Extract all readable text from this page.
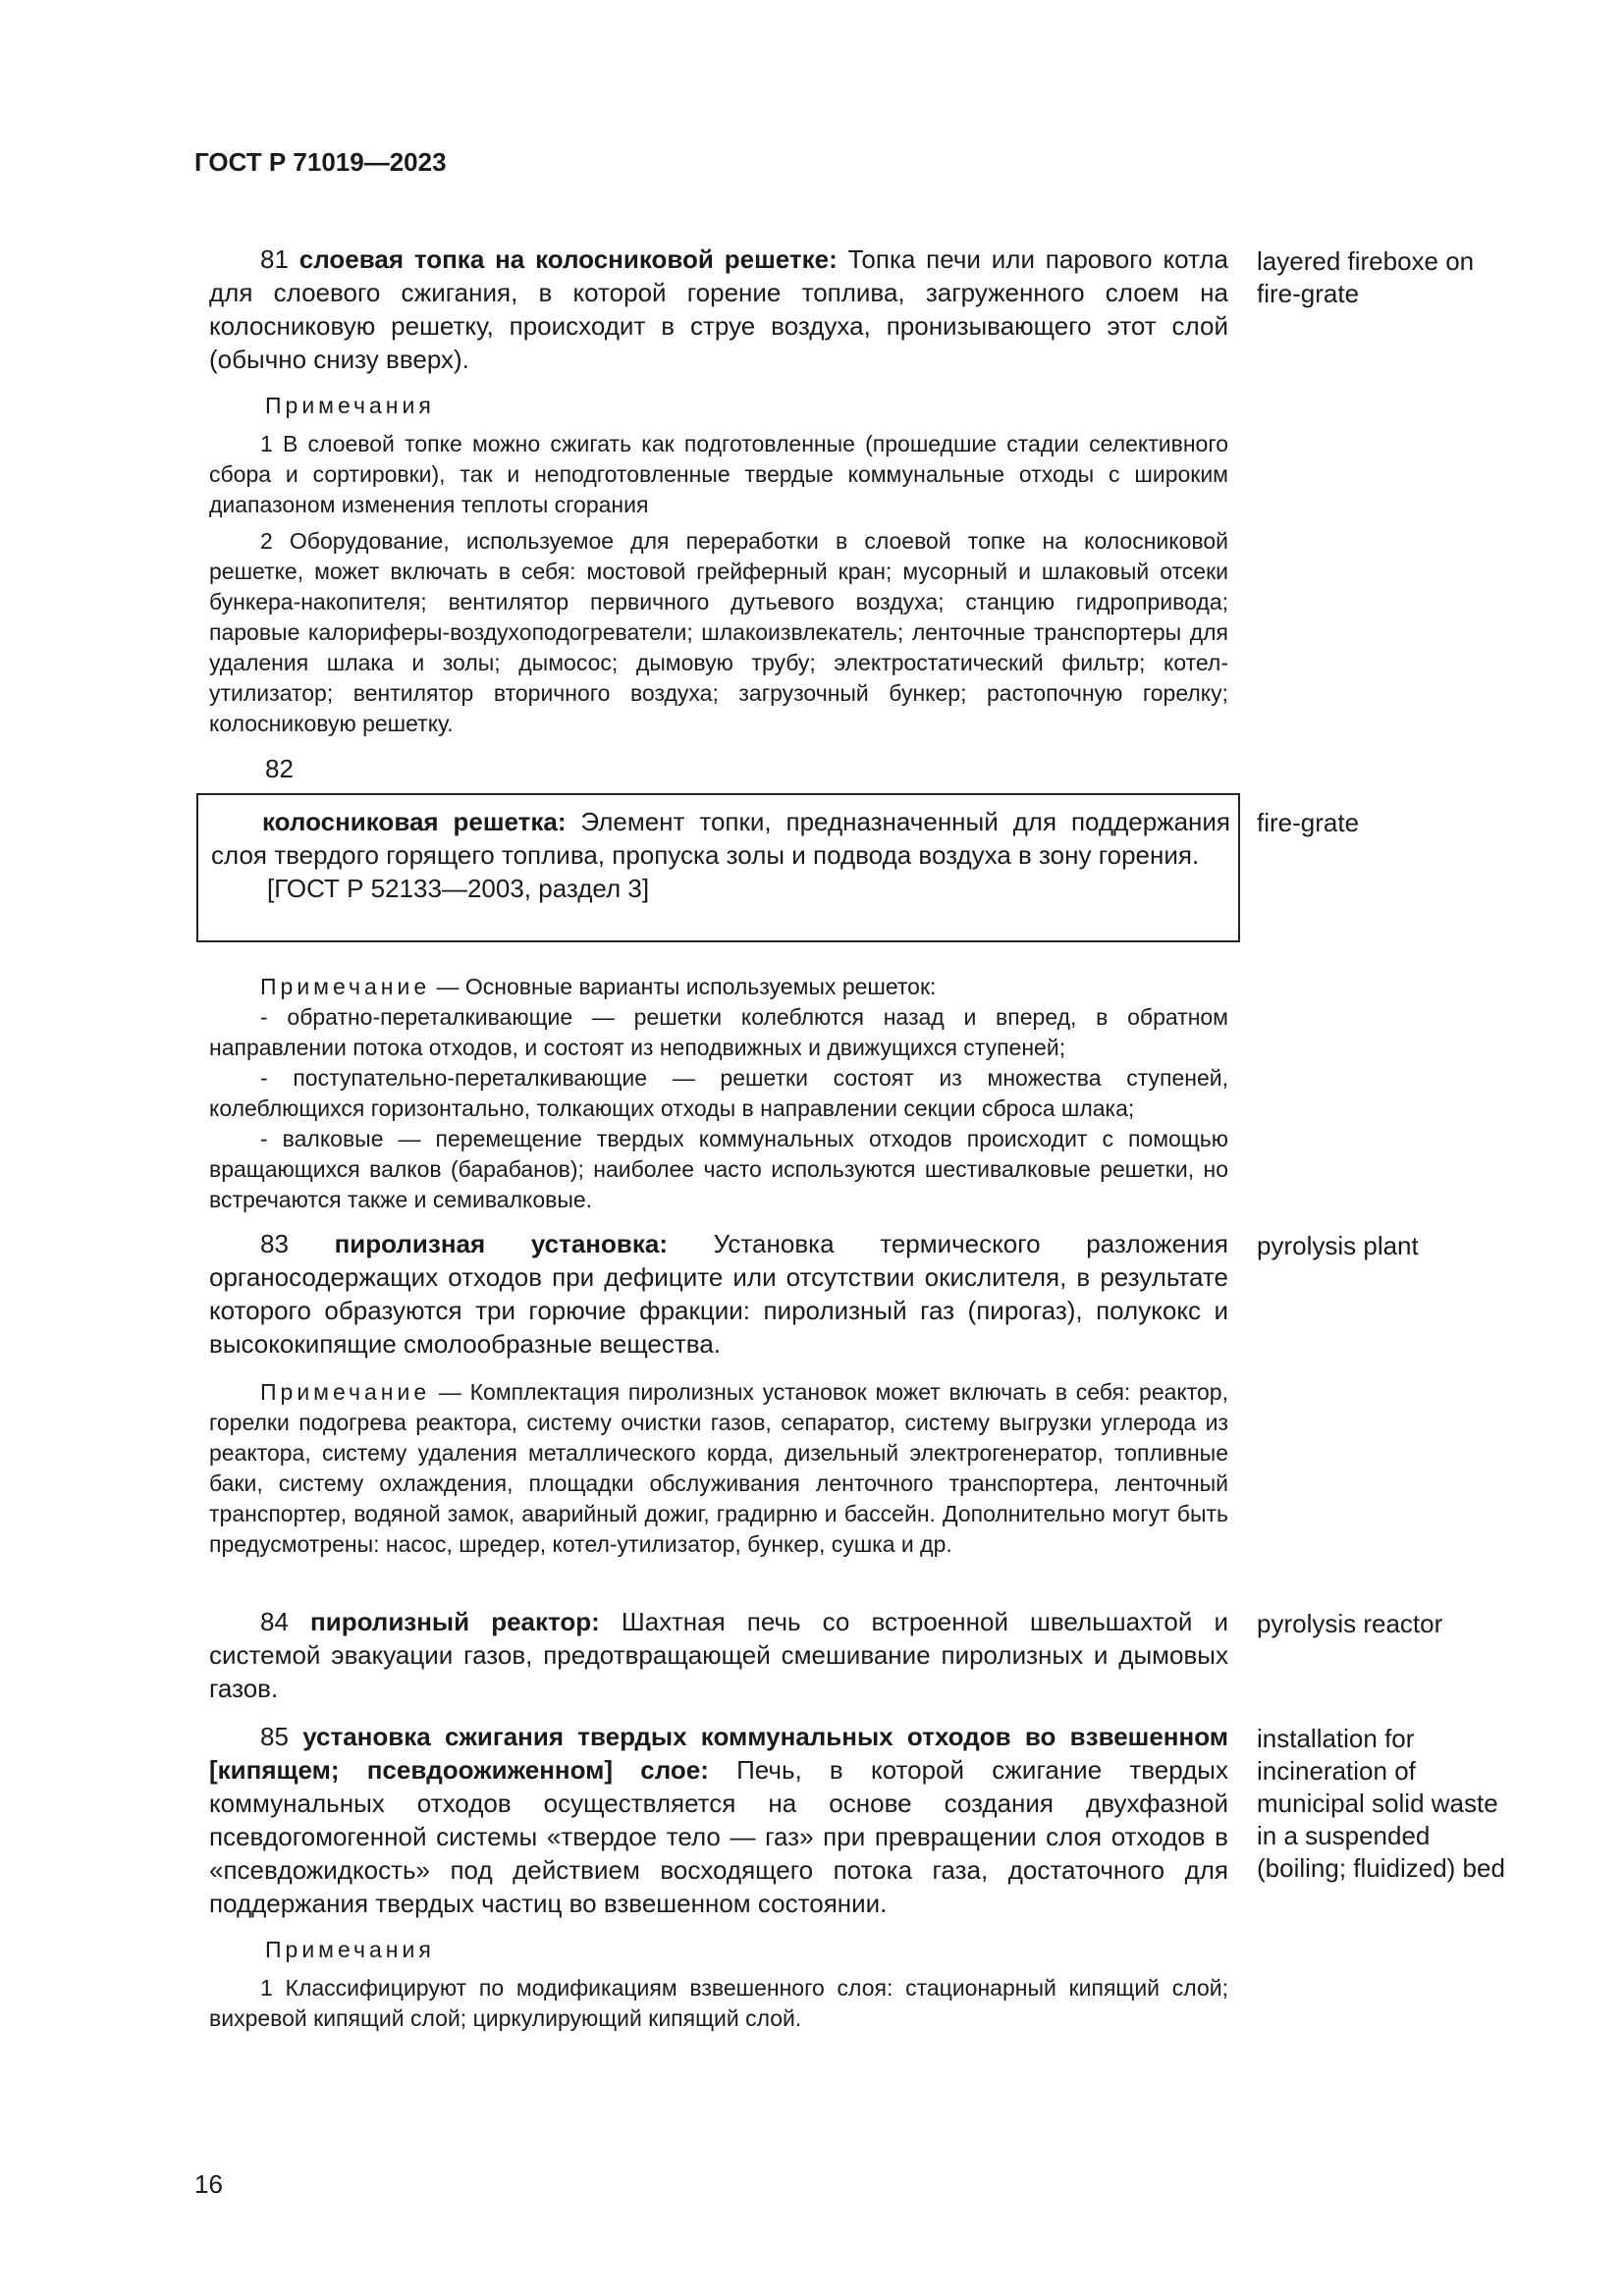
ГОСТ Р 71019—2023

81 слоевая топка на колосниковой решетке: Топка печи или парового котла для слоевого сжигания, в которой горение топлива, загруженного слоем на колосниковую решетку, происходит в струе воздуха, пронизывающего этот слой (обычно снизу вверх).

layered fireboxe on fire-grate
Примечания

1 В слоевой топке можно сжигать как подготовленные (прошедшие стадии селективного сбора и сортировки), так и неподготовленные твердые коммунальные отходы с широким диапазоном изменения теплоты сгорания

2 Оборудование, используемое для переработки в слоевой топке на колосниковой решетке, может включать в себя: мостовой грейферный кран; мусорный и шлаковый отсеки бункера-накопителя; вентилятор первичного дутьевого воздуха; станцию гидропривода; паровые калориферы-воздухоподогреватели; шлакоизвлекатель; ленточные транспортеры для удаления шлака и золы; дымосос; дымовую трубу; электростатический фильтр; котел-утилизатор; вентилятор вторичного воздуха; загрузочный бункер; растопочную горелку; колосниковую решетку.

82

колосниковая решетка: Элемент топки, предназначенный для поддержания слоя твердого горящего топлива, пропуска золы и подвода воздуха в зону горения.

[ГОСТ Р 52133—2003, раздел 3]

fire-grate

Примечание — Основные варианты используемых решеток:

- обратно-переталкивающие — решетки колеблются назад и вперед, в обратном направлении потока отходов, и состоят из неподвижных и движущихся ступеней;

- поступательно-переталкивающие — решетки состоят из множества ступеней, колеблющихся горизонтально, толкающих отходы в направлении секции сброса шлака;

- валковые — перемещение твердых коммунальных отходов происходит с помощью вращающихся валков (барабанов); наиболее часто используются шестивалковые решетки, но встречаются также и семивалковые.

83 пиролизная установка: Установка термического разложения органосодержащих отходов при дефиците или отсутствии окислителя, в результате которого образуются три горючие фракции: пиролизный газ (пирогаз), полукокс и высококипящие смолообразные вещества.

pyrolysis plant

Примечание — Комплектация пиролизных установок может включать в себя: реактор, горелки подогрева реактора, систему очистки газов, сепаратор, систему выгрузки углерода из реактора, систему удаления металлического корда, дизельный электрогенератор, топливные баки, систему охлаждения, площадки обслуживания ленточного транспортера, ленточный транспортер, водяной замок, аварийный дожиг, градирню и бассейн. Дополнительно могут быть предусмотрены: насос, шредер, котел-утилизатор, бункер, сушка и др.

84 пиролизный реактор: Шахтная печь со встроенной швельшахтой и системой эвакуации газов, предотвращающей смешивание пиролизных и дымовых газов.

pyrolysis reactor

85 установка сжигания твердых коммунальных отходов во взвешенном [кипящем; псевдоожиженном] слое: Печь, в которой сжигание твердых коммунальных отходов осуществляется на основе создания двухфазной псевдогомогенной системы «твердое тело — газ» при превращении слоя отходов в «псевдожидкость» под действием восходящего потока газа, достаточного для поддержания твердых частиц во взвешенном состоянии.

installation for incineration of municipal solid waste in a suspended (boiling; fluidized) bed
Примечания

1 Классифицируют по модификациям взвешенного слоя: стационарный кипящий слой; вихревой кипящий слой; циркулирующий кипящий слой.

16
